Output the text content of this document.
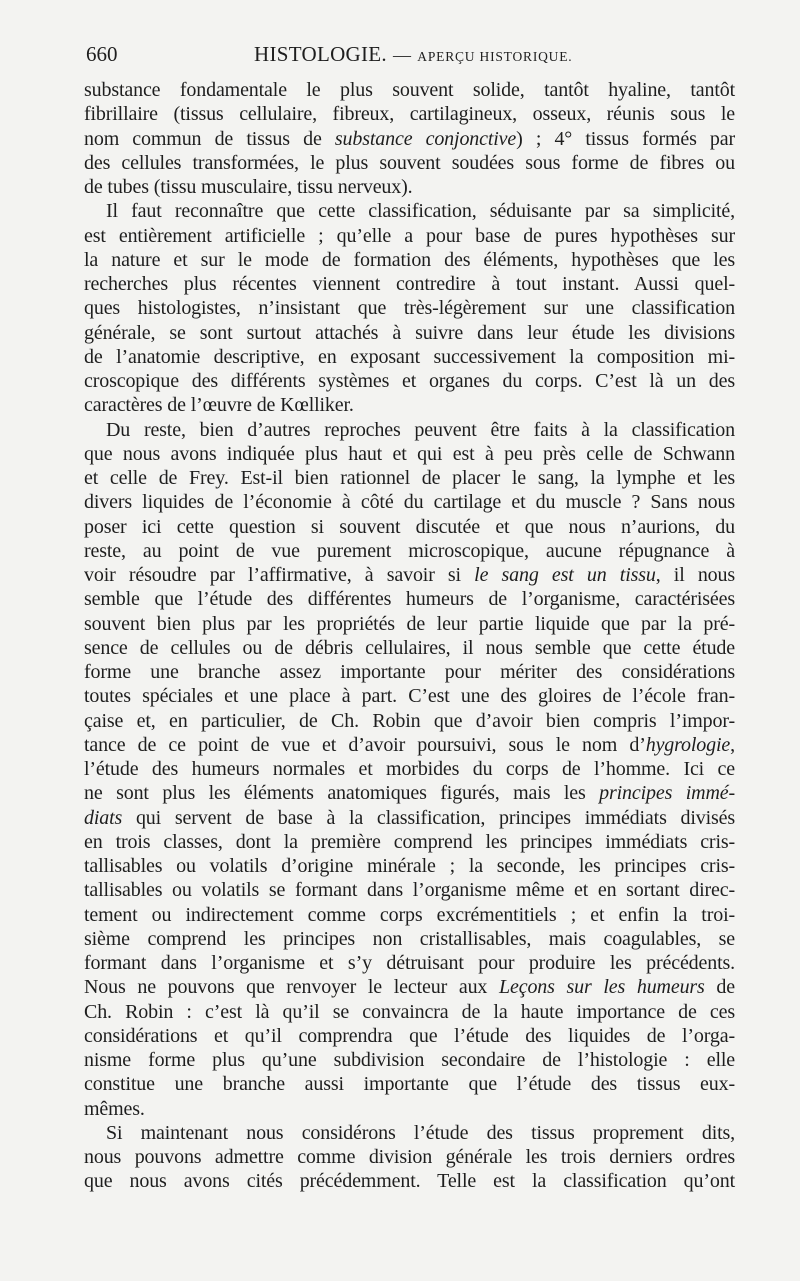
660	HISTOLOGIE. — APERÇU HISTORIQUE.
substance fondamentale le plus souvent solide, tantôt hyaline, tantôt
fibrillaire (tissus cellulaire, fibreux, cartilagineux, osseux, réunis sous le
nom commun de tissus de substance conjonctive) ; 4° tissus formés par
des cellules transformées, le plus souvent soudées sous forme de fibres ou
de tubes (tissu musculaire, tissu nerveux).
Il faut reconnaître que cette classification, séduisante par sa simplicité,
est entièrement artificielle ; qu’elle a pour base de pures hypothèses sur
la nature et sur le mode de formation des éléments, hypothèses que les
recherches plus récentes viennent contredire à tout instant. Aussi quel-
ques histologistes, n’insistant que très-légèrement sur une classification
générale, se sont surtout attachés à suivre dans leur étude les divisions
de l’anatomie descriptive, en exposant successivement la composition mi-
croscopique des différents systèmes et organes du corps. C’est là un des
caractères de l’œuvre de Kœlliker.
Du reste, bien d’autres reproches peuvent être faits à la classification
que nous avons indiquée plus haut et qui est à peu près celle de Schwann
et celle de Frey. Est-il bien rationnel de placer le sang, la lymphe et les
divers liquides de l’économie à côté du cartilage et du muscle ? Sans nous
poser ici cette question si souvent discutée et que nous n’aurions, du
reste, au point de vue purement microscopique, aucune répugnance à
voir résoudre par l’affirmative, à savoir si le sang est un tissu, il nous
semble que l’étude des différentes humeurs de l’organisme, caractérisées
souvent bien plus par les propriétés de leur partie liquide que par la pré-
sence de cellules ou de débris cellulaires, il nous semble que cette étude
forme une branche assez importante pour mériter des considérations
toutes spéciales et une place à part. C’est une des gloires de l’école fran-
çaise et, en particulier, de Ch. Robin que d’avoir bien compris l’impor-
tance de ce point de vue et d’avoir poursuivi, sous le nom d’hygrologie,
l’étude des humeurs normales et morbides du corps de l’homme. Ici ce
ne sont plus les éléments anatomiques figurés, mais les principes immé-
diats qui servent de base à la classification, principes immédiats divisés
en trois classes, dont la première comprend les principes immédiats cris-
tallisables ou volatils d’origine minérale ; la seconde, les principes cris-
tallisables ou volatils se formant dans l’organisme même et en sortant direc-
tement ou indirectement comme corps excrémentitiels ; et enfin la troi-
sième comprend les principes non cristallisables, mais coagulables, se
formant dans l’organisme et s’y détruisant pour produire les précédents.
Nous ne pouvons que renvoyer le lecteur aux Leçons sur les humeurs de
Ch. Robin : c’est là qu’il se convaincra de la haute importance de ces
considérations et qu’il comprendra que l’étude des liquides de l’orga-
nisme forme plus qu’une subdivision secondaire de l’histologie : elle
constitue une branche aussi importante que l’étude des tissus eux-
mêmes.
Si maintenant nous considérons l’étude des tissus proprement dits,
nous pouvons admettre comme division générale les trois derniers ordres
que nous avons cités précédemment. Telle est la classification qu’ont
